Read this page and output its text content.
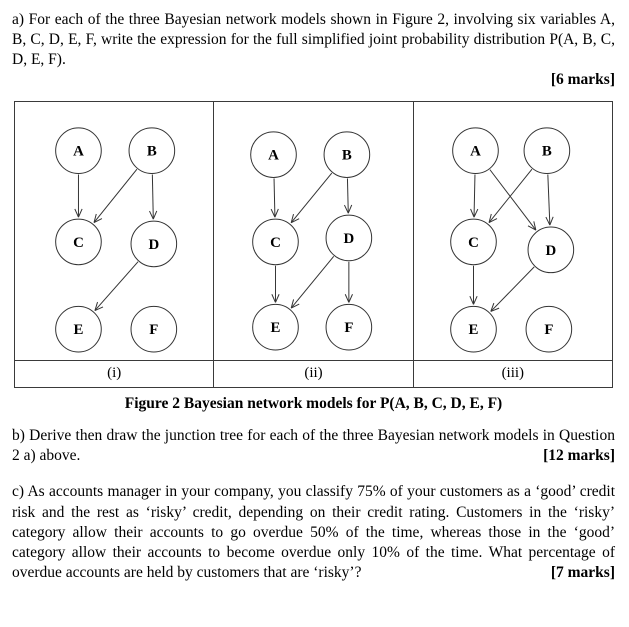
a) For each of the three Bayesian network models shown in Figure 2, involving six variables A, B, C, D, E, F, write the expression for the full simplified joint probability distribution P(A, B, C, D, E, F).

[6 marks]
A	B
C	D
E	F
(i)
A	B
C	D
E	F
(ii)
A	B
C	D
E	F
(iii)

Figure 2 Bayesian network models for P(A, B, C, D, E, F)

b) Derive then draw the junction tree for each of the three Bayesian network models in Question 2 a) above.	[12 marks]

c) As accounts manager in your company, you classify 75% of your customers as a ‘good’ credit risk and the rest as ‘risky’ credit, depending on their credit rating. Customers in the ‘risky’ category allow their accounts to go overdue 50% of the time, whereas those in the ‘good’ category allow their accounts to become overdue only 10% of the time. What percentage of overdue accounts are held by customers that are ‘risky’?	[7 marks]
